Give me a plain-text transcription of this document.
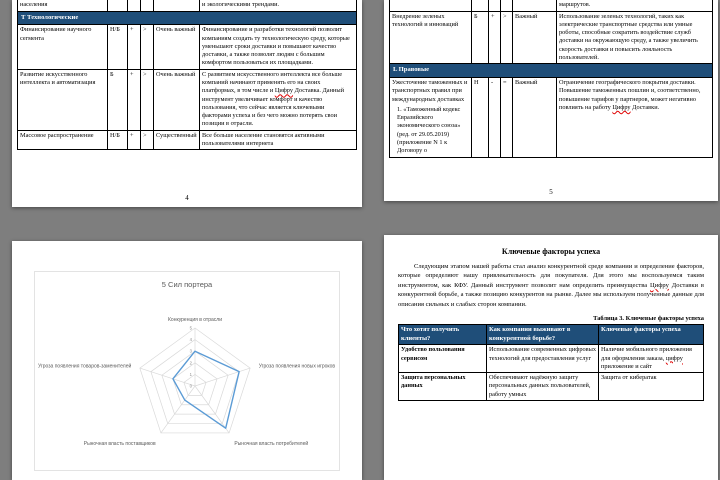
населения					и экологическими трендами.
Т Технологические					
Финансирование научного сегмента	Н/Б	+	>	Очень важный	Финансирование и разработки технологий позволит компаниям создать ту технологическую среду, которые уменьшают сроки доставки и повышают качество доставки, а также позволят людям с большим комфортом пользоваться их площадками.
Развитие искусственного интеллекта и автоматизация	Б	+	>	Очень важный	С развитием искусственного интеллекта все больше компаний начинают применять его на своих платформах, в том числе и Цифру Доставка. Данный инструмент увеличивает комфорт и качество пользования, что сейчас является ключевыми факторами успеха и без чего можно потерять свои позиции в отрасли.
Массовое распространение	Н/Б	+	>	Существенный	Все больше население становятся активными пользователями интернета
4
					маршрутов.
Внедрение зеленых технологий и инноваций	Б	+	>	Важный	Использование зеленых технологий, таких как электрические транспортные средства или умные роботы, способные сократить воздействие служб доставки на окружающую среду, а также увеличить скорость доставки и повысить лояльность пользователей.
L Правовые					

Ужесточение таможенных и транспортных правил при международных доставках
1. «Таможенный кодекс Евразийского экономического союза» (ред. от 29.05.2019) (приложение N 1 к Договору о	Н	-	=	Важный	Ограничение географического покрытия доставки. Повышение таможенных пошлин и, соответственно, повышение тарифов у партнеров, может негативно повлиять на работу Цифру Доставки.
5
5 Сил портера
0
1
2
3
4
5
Конкуренция в отрасли
Угроза появления новых игроков
Рыночная власть потребителей
Рыночная власть поставщиков
Угроза появления товаров-заменителей
Ключевые факторы успеха
Следующим этапом нашей работы стал анализ конкурентной среде компании и определение факторов, которые определяют нашу привлекательность для покупателя. Для этого мы воспользуемся таким инструментом, как КФУ. Данный инструмент позволит нам определить преимущества Цифру Доставки в конкурентной борьбе, а также позицию конкурентов на рынке. Далее мы используем полученные данные для описания сильных и слабых сторон компании.
Таблица 3. Ключевые факторы успеха
Что хотят получить клиенты?	Как компании выживают в конкурентной борьбе?	Ключевые факторы успеха
Удобство пользования сервисом	Использование современных цифровых технологий для предоставления услуг	Наличие мобильного приложения для оформления заказа, цифру приложение и сайт
Защита персональных данных	Обеспечивают надёжную защиту персональных данных пользователей, работу умных	Защита от кибератак
